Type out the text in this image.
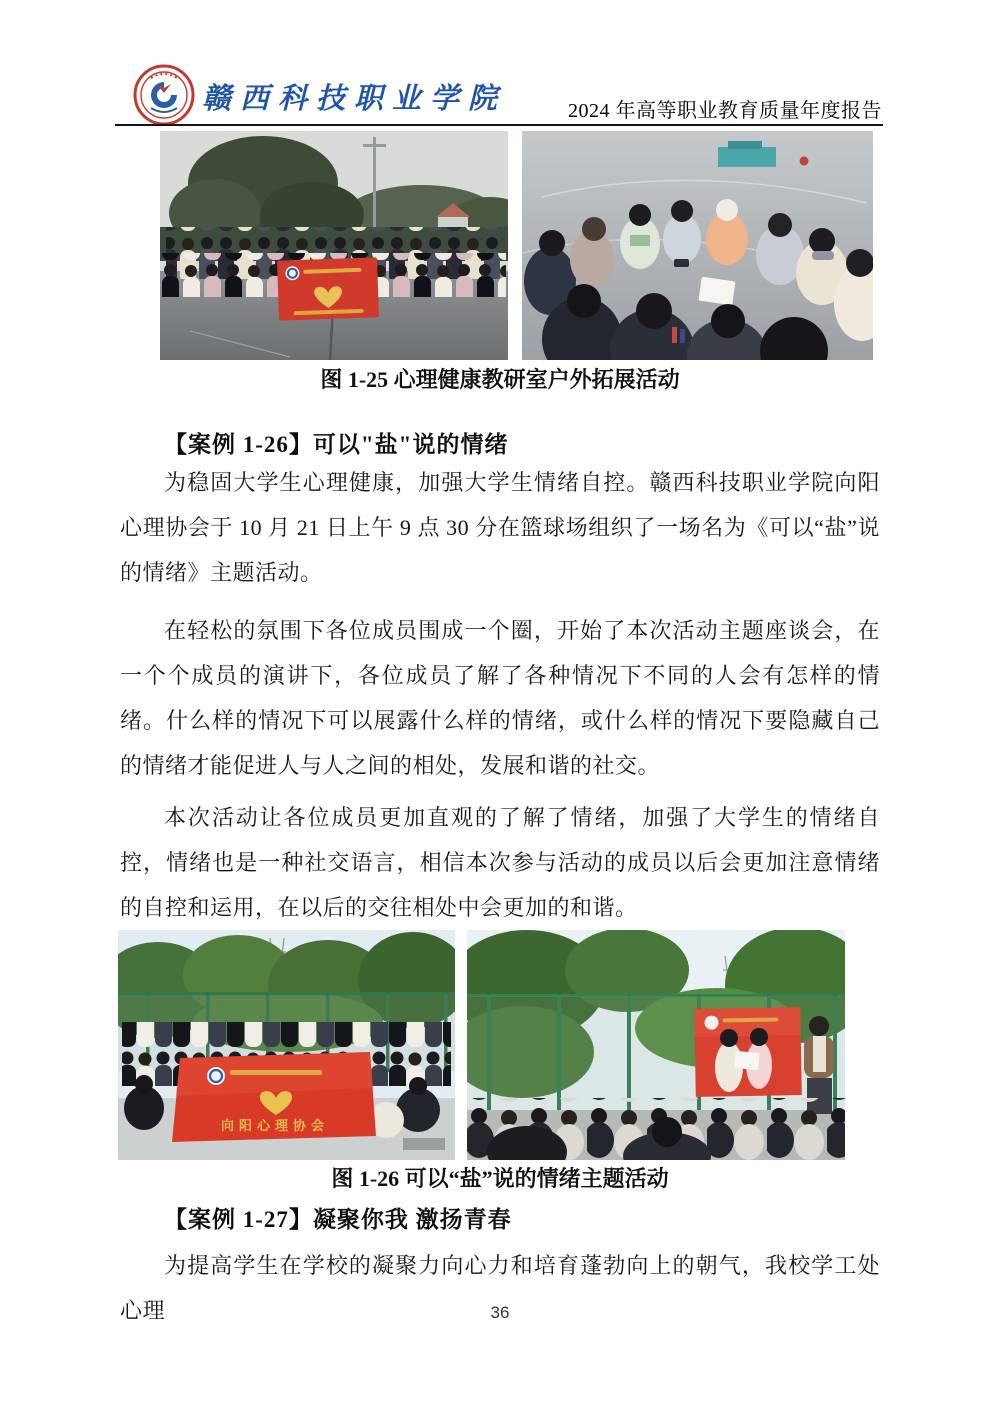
赣西科技职业学院	2024 年高等职业教育质量年度报告
图 1-25 心理健康教研室户外拓展活动
【案例 1-26】可以"盐"说的情绪
为稳固大学生心理健康，加强大学生情绪自控。赣西科技职业学院向阳心理协会于 10 月 21 日上午 9 点 30 分在篮球场组织了一场名为《可以“盐”说的情绪》主题活动。
在轻松的氛围下各位成员围成一个圈，开始了本次活动主题座谈会，在一个个成员的演讲下，各位成员了解了各种情况下不同的人会有怎样的情绪。什么样的情况下可以展露什么样的情绪，或什么样的情况下要隐藏自己的情绪才能促进人与人之间的相处，发展和谐的社交。
本次活动让各位成员更加直观的了解了情绪，加强了大学生的情绪自控，情绪也是一种社交语言，相信本次参与活动的成员以后会更加注意情绪的自控和运用，在以后的交往相处中会更加的和谐。
向阳心理协会
图 1-26 可以“盐”说的情绪主题活动
【案例 1-27】凝聚你我 激扬青春
为提高学生在学校的凝聚力向心力和培育蓬勃向上的朝气，我校学工处心理	36
